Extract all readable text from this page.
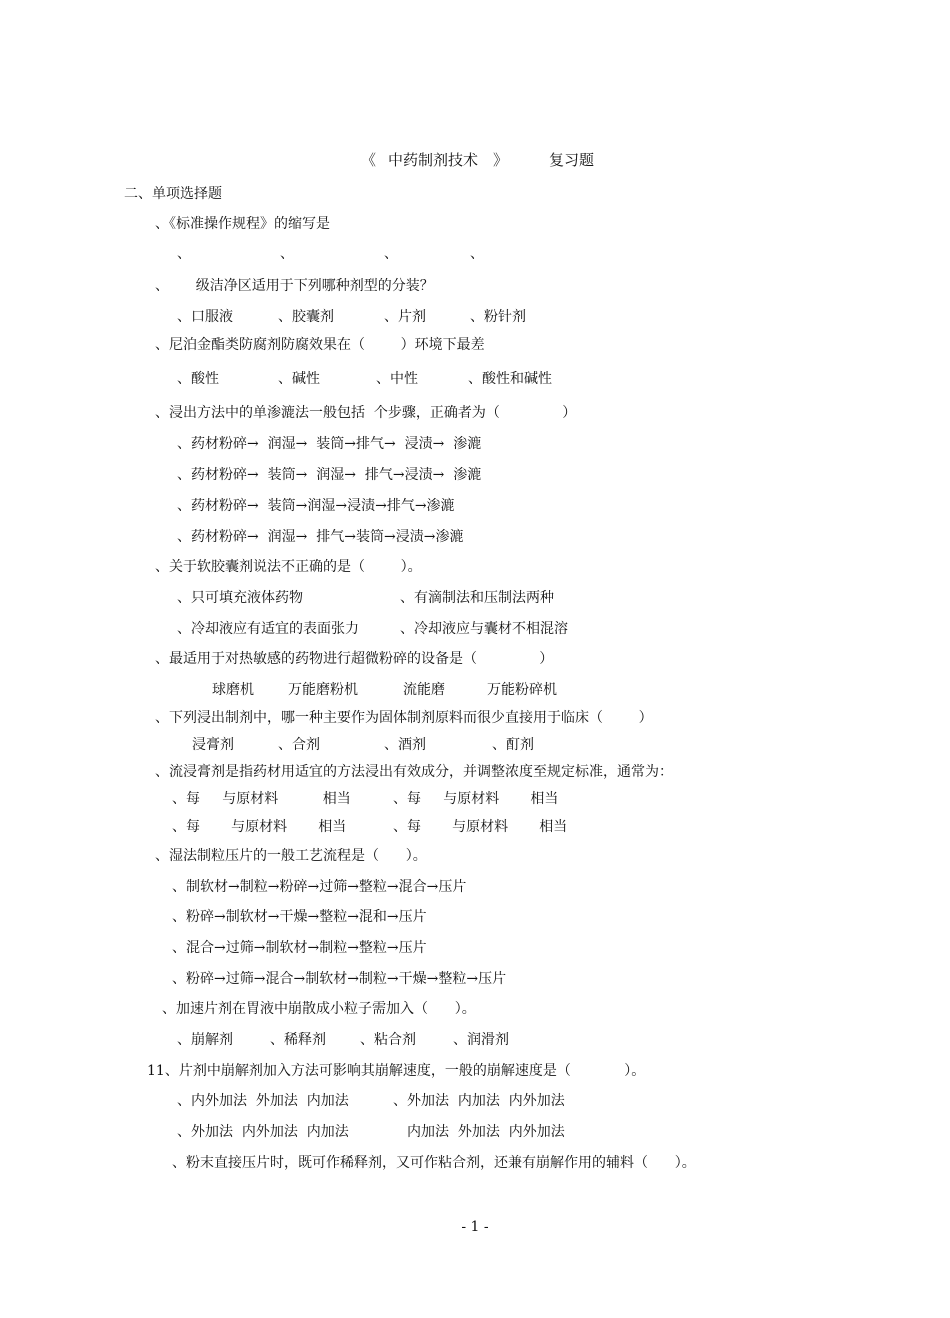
《

中药制剂技术

》

	复习题

二、单项选择题
、《标准操作规程》的缩写是
、	、	、	、
、      级洁净区适用于下列哪种剂型的分装？
、口服液	、胶囊剂	、片剂	、粉针剂
、尼泊金酯类防腐剂防腐效果在（        ）环境下最差
、酸性	、碱性	、中性	、酸性和碱性
、浸出方法中的单渗漉法一般包括  个步骤，正确者为（              ）
、药材粉碎→  润湿→  装筒→排气→  浸渍→  渗漉
、药材粉碎→  装筒→  润湿→  排气→浸渍→  渗漉
、药材粉碎→  装筒→润湿→浸渍→排气→渗漉
、药材粉碎→  润湿→  排气→装筒→浸渍→渗漉
、关于软胶囊剂说法不正确的是（        ）。
、只可填充液体药物	、有滴制法和压制法两种
、冷却液应有适宜的表面张力	、冷却液应与囊材不相混溶
、最适用于对热敏感的药物进行超微粉碎的设备是（              ）
球磨机 万能磨粉机	流能磨	万能粉碎机
、下列浸出制剂中，哪一种主要作为固体制剂原料而很少直接用于临床（        ）
浸膏剂	、合剂	、酒剂	、酊剂
、流浸膏剂是指药材用适宜的方法浸出有效成分，并调整浓度至规定标准，通常为：
、每     与原材料          相当	、每     与原材料       相当
、每       与原材料       相当	、每       与原材料       相当
、湿法制粒压片的一般工艺流程是（      ）。
、制软材→制粒→粉碎→过筛→整粒→混合→压片
、粉碎→制软材→干燥→整粒→混和→压片
、混合→过筛→制软材→制粒→整粒→压片
、粉碎→过筛→混合→制软材→制粒→干燥→整粒→压片
、加速片剂在胃液中崩散成小粒子需加入（      ）。
、崩解剂	、稀释剂 、粘合剂	、润滑剂
11、片剂中崩解剂加入方法可影响其崩解速度，一般的崩解速度是（            ）。
、内外加法  外加法  内加法	、外加法  内加法  内外加法
、外加法  内外加法  内加法	内加法  外加法  内外加法
、粉末直接压片时，既可作稀释剂，又可作粘合剂，还兼有崩解作用的辅料（      ）。
- 1 -
